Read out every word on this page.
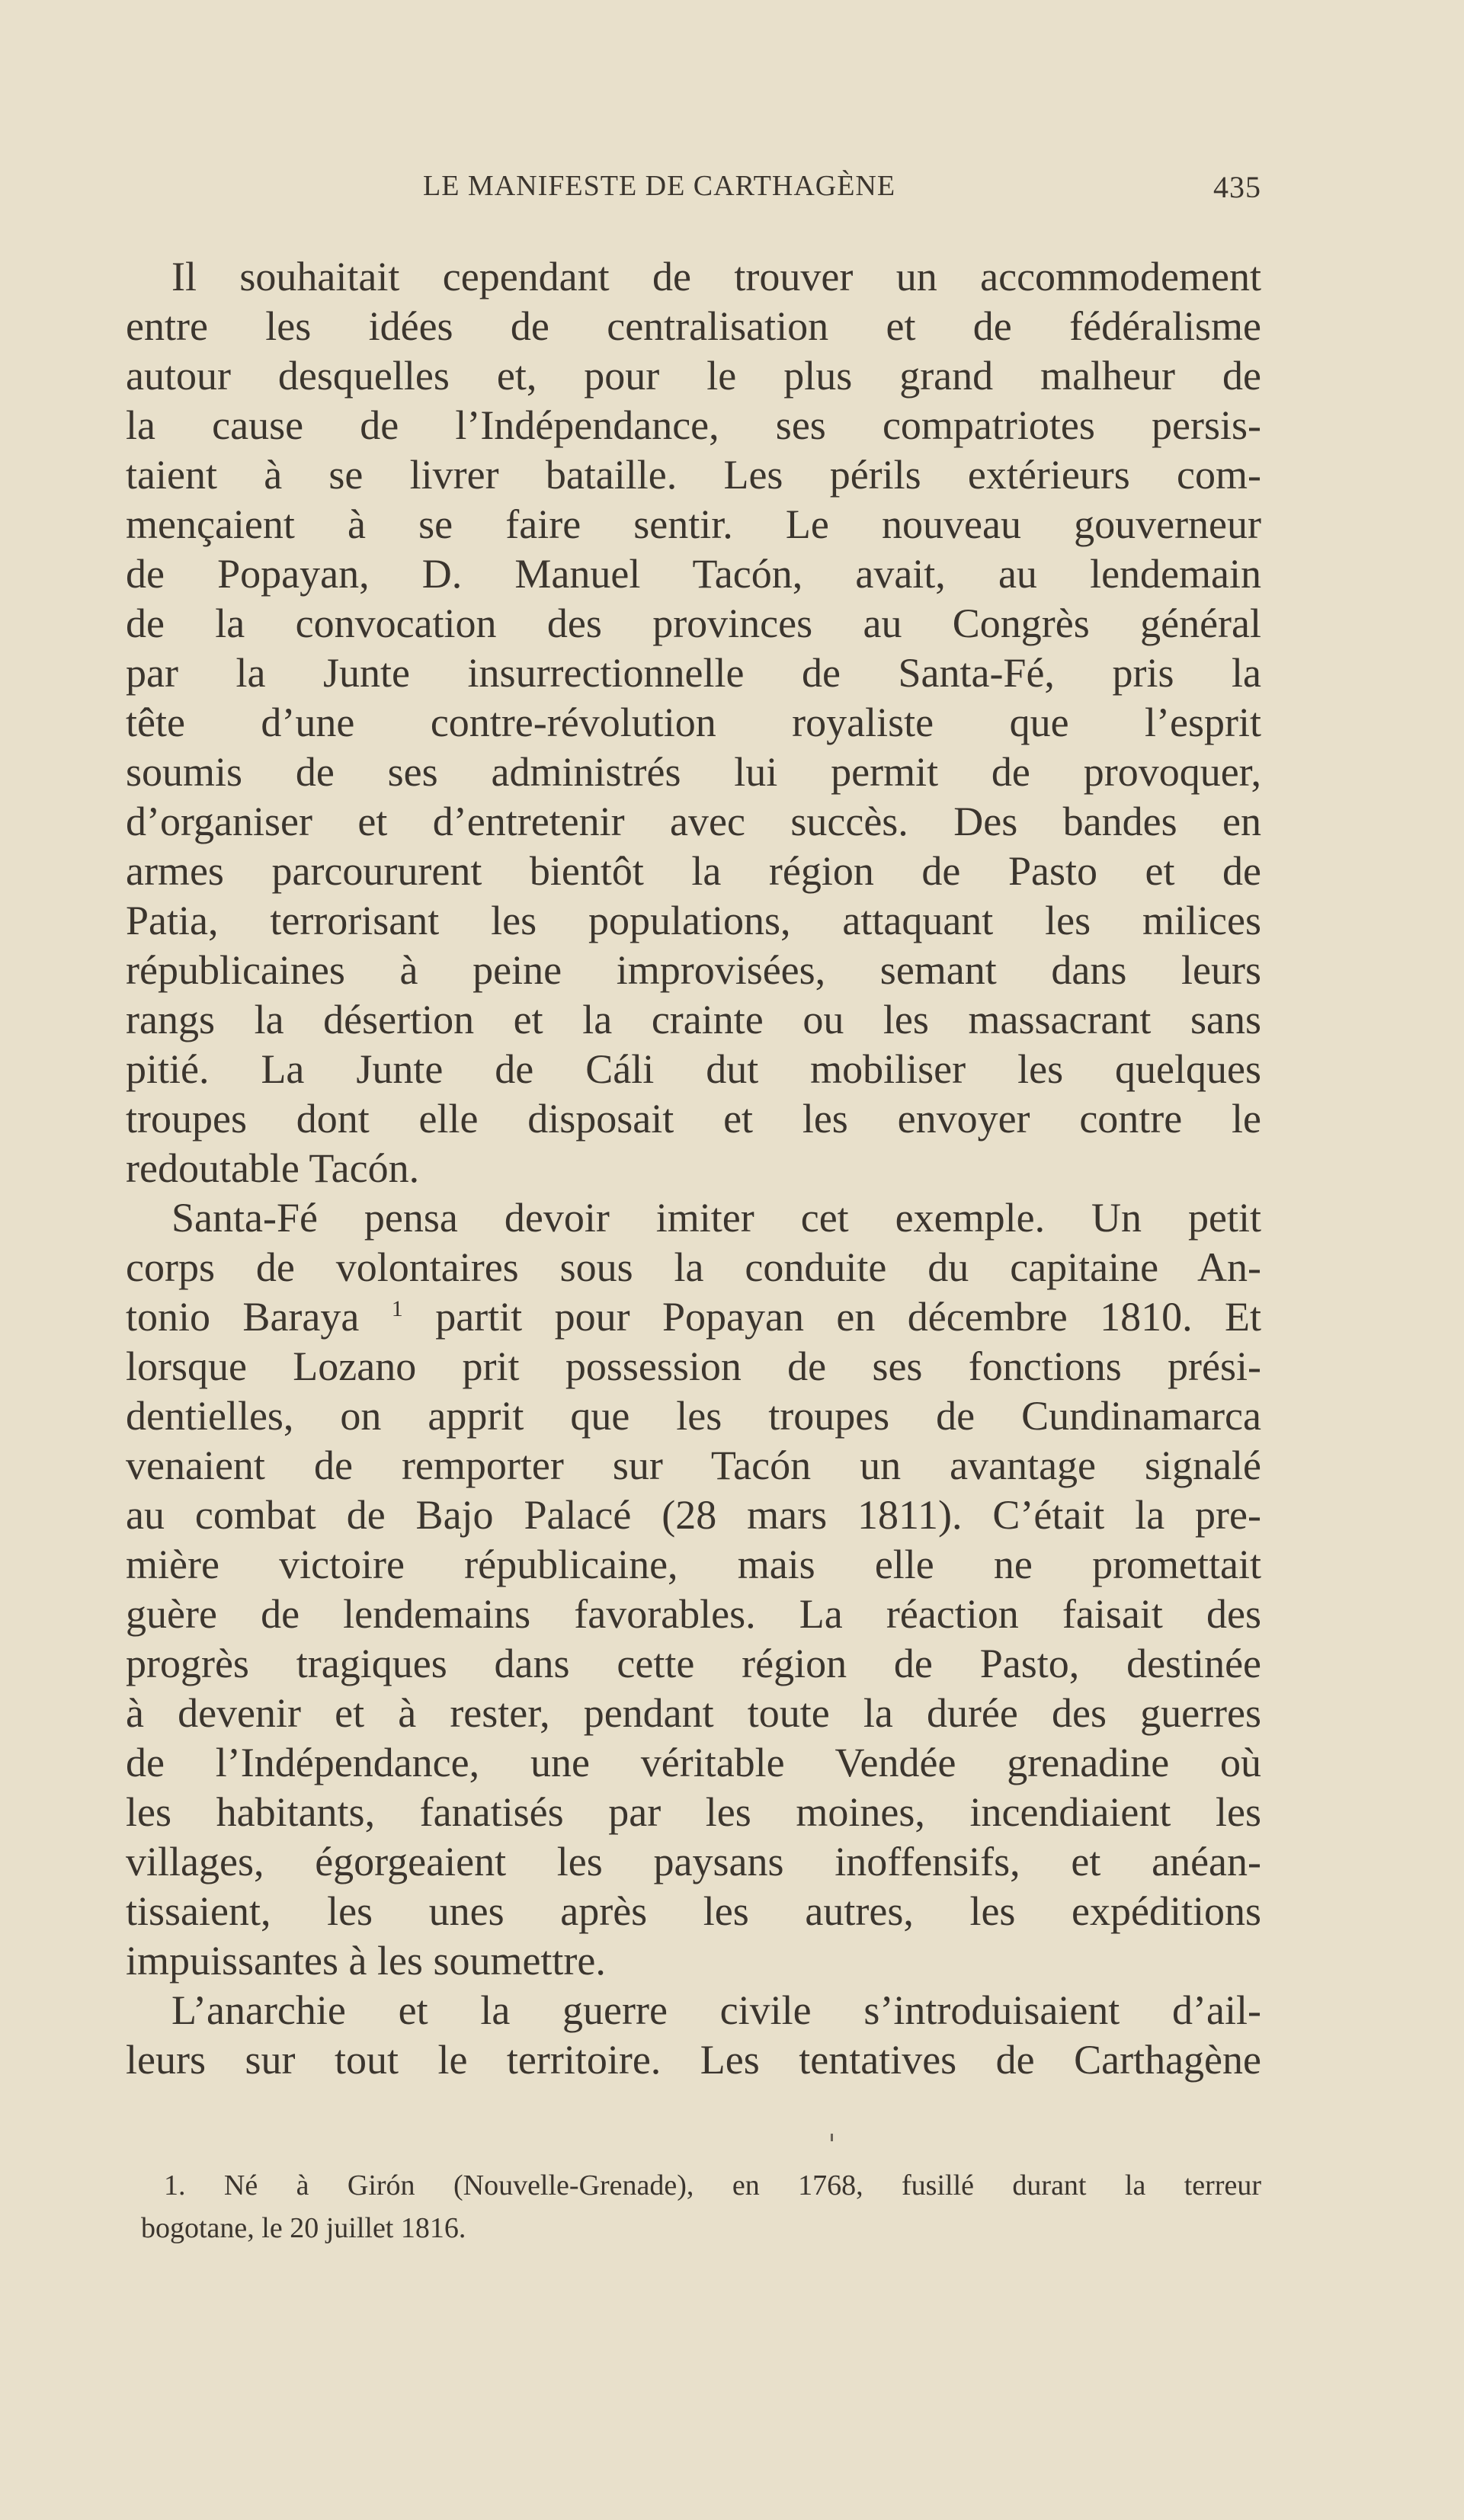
LE MANIFESTE DE CARTHAGÈNE	435
Il souhaitait cependant de trouver un accommodement
entre les idées de centralisation et de fédéralisme
autour desquelles et, pour le plus grand malheur de
la cause de l’Indépendance, ses compatriotes persis-
taient à se livrer bataille. Les périls extérieurs com-
mençaient à se faire sentir. Le nouveau gouverneur
de Popayan, D. Manuel Tacón, avait, au lendemain
de la convocation des provinces au Congrès général
par la Junte insurrectionnelle de Santa-Fé, pris la
tête d’une contre-révolution royaliste que l’esprit
soumis de ses administrés lui permit de provoquer,
d’organiser et d’entretenir avec succès. Des bandes en
armes parcoururent bientôt la région de Pasto et de
Patia, terrorisant les populations, attaquant les milices
républicaines à peine improvisées, semant dans leurs
rangs la désertion et la crainte ou les massacrant sans
pitié. La Junte de Cáli dut mobiliser les quelques
troupes dont elle disposait et les envoyer contre le
redoutable Tacón.
Santa-Fé pensa devoir imiter cet exemple. Un petit
corps de volontaires sous la conduite du capitaine An-
tonio Baraya $^1$ partit pour Popayan en décembre 1810. Et
lorsque Lozano prit possession de ses fonctions prési-
dentielles, on apprit que les troupes de Cundinamarca
venaient de remporter sur Tacón un avantage signalé
au combat de Bajo Palacé (28 mars 1811). C’était la pre-
mière victoire républicaine, mais elle ne promettait
guère de lendemains favorables. La réaction faisait des
progrès tragiques dans cette région de Pasto, destinée
à devenir et à rester, pendant toute la durée des guerres
de l’Indépendance, une véritable Vendée grenadine où
les habitants, fanatisés par les moines, incendiaient les
villages, égorgeaient les paysans inoffensifs, et anéan-
tissaient, les unes après les autres, les expéditions
impuissantes à les soumettre.
L’anarchie et la guerre civile s’introduisaient d’ail-
leurs sur tout le territoire. Les tentatives de Carthagène
1. Né à Girón (Nouvelle-Grenade), en 1768, fusillé durant la terreur
bogotane, le 20 juillet 1816.
